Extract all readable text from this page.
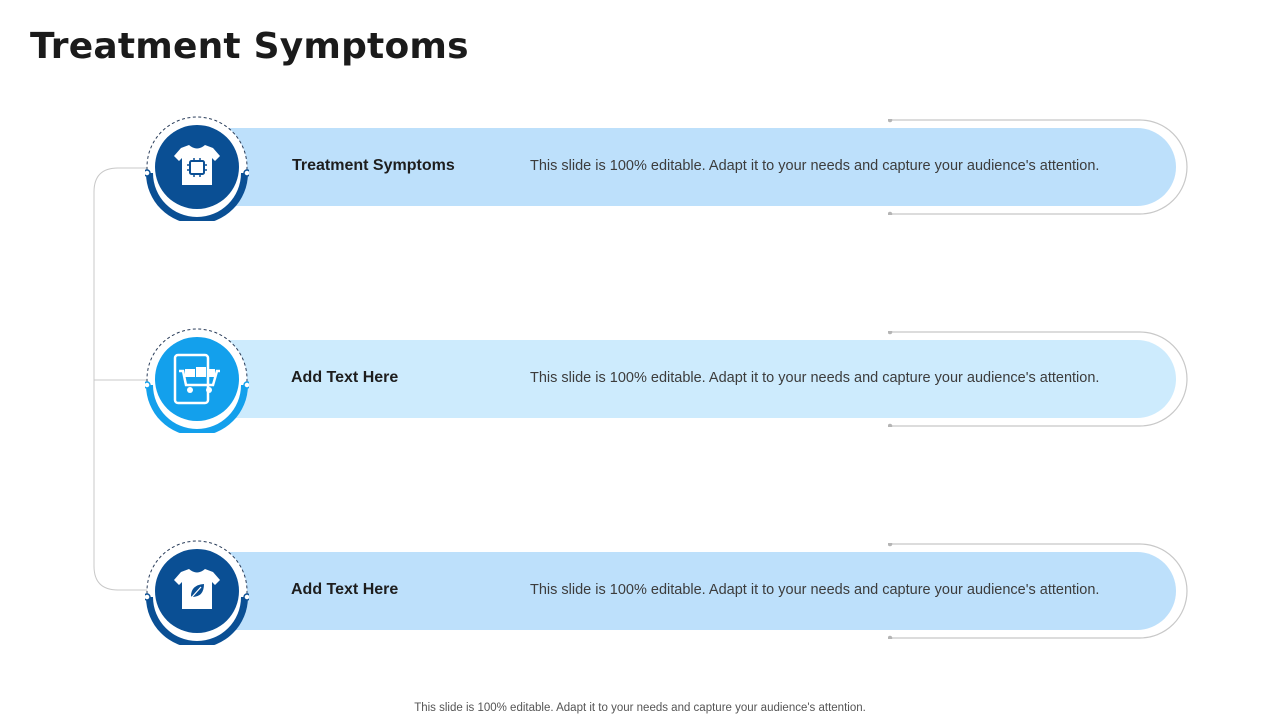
Treatment Symptoms
Treatment Symptoms	This slide is 100% editable. Adapt it to your needs and capture your audience's attention.
Add Text Here	This slide is 100% editable. Adapt it to your needs and capture your audience's attention.
Add Text Here	This slide is 100% editable. Adapt it to your needs and capture your audience's attention.
This slide is 100% editable. Adapt it to your needs and capture your audience's attention.
